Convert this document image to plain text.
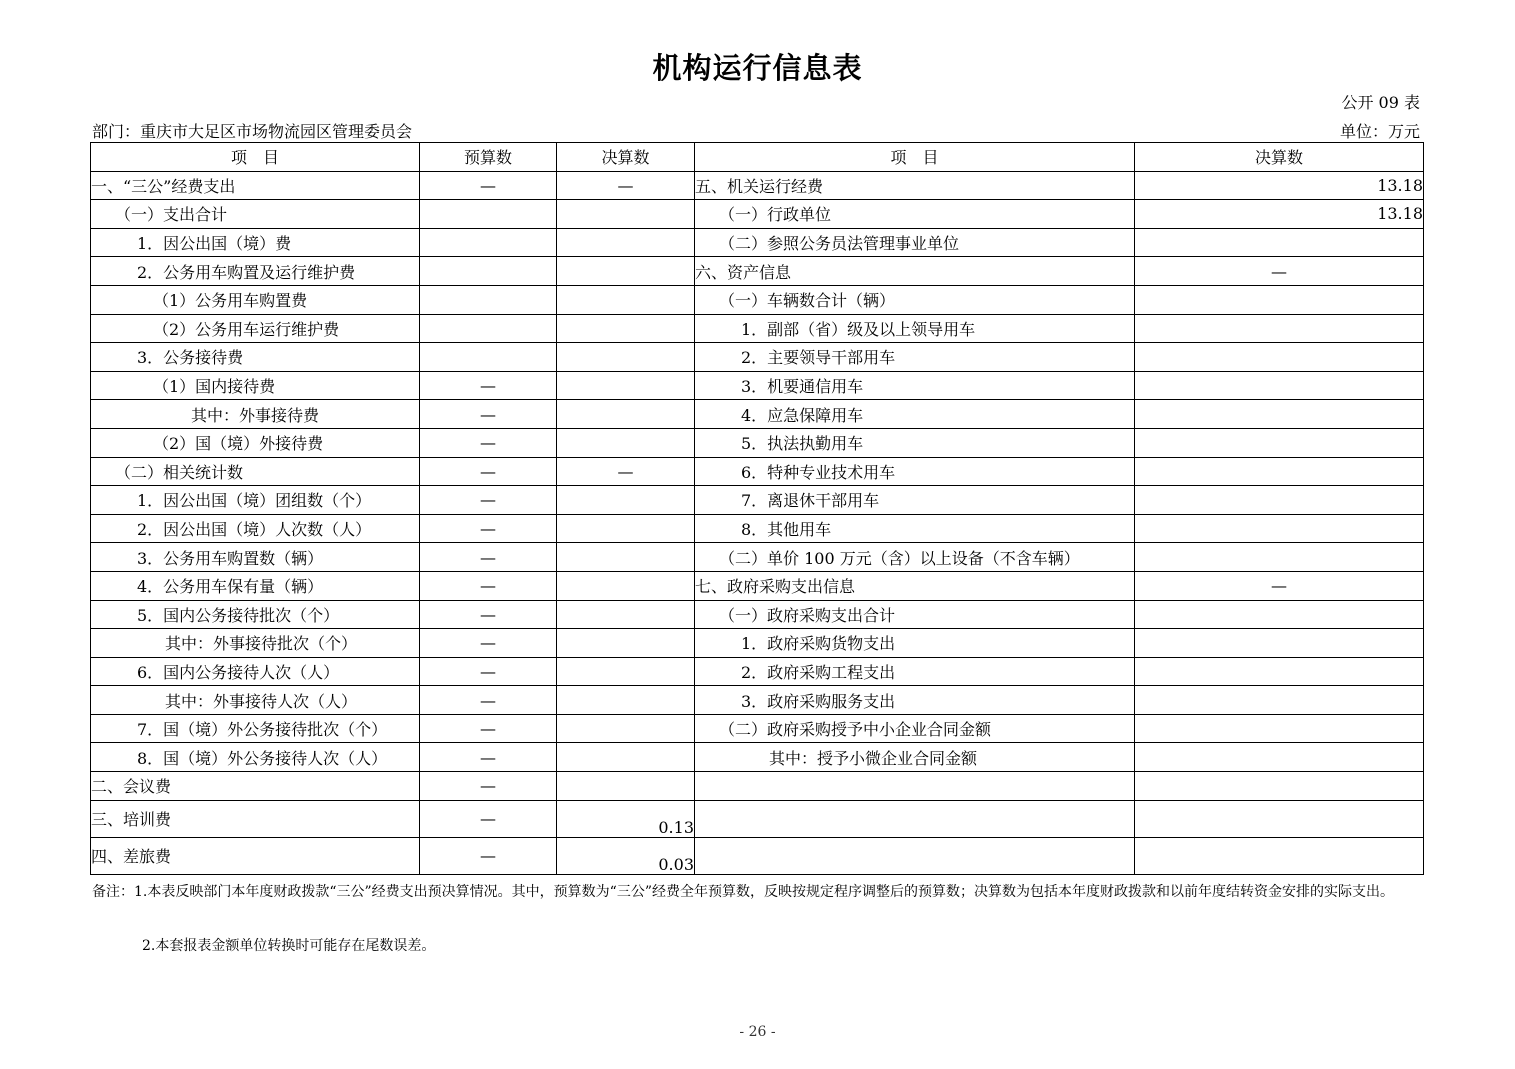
机构运行信息表
公开 09 表
部门：重庆市大足区市场物流园区管理委员会	单位：万元
项　目	预算数	决算数	项　目	决算数
一、“三公”经费支出	—	—	五、机关运行经费	13.18
（一）支出合计			（一）行政单位	13.18
1．因公出国（境）费			（二）参照公务员法管理事业单位	
2．公务用车购置及运行维护费			六、资产信息	—
（1）公务用车购置费			（一）车辆数合计（辆）	
（2）公务用车运行维护费			1．副部（省）级及以上领导用车	
3．公务接待费			2．主要领导干部用车	
（1）国内接待费	—		3．机要通信用车	
其中：外事接待费	—		4．应急保障用车	
（2）国（境）外接待费	—		5．执法执勤用车	
（二）相关统计数	—	—	6．特种专业技术用车	
1．因公出国（境）团组数（个）	—		7．离退休干部用车	
2．因公出国（境）人次数（人）	—		8．其他用车	
3．公务用车购置数（辆）	—		（二）单价 100 万元（含）以上设备（不含车辆）	
4．公务用车保有量（辆）	—		七、政府采购支出信息	—
5．国内公务接待批次（个）	—		（一）政府采购支出合计	
其中：外事接待批次（个）	—		1．政府采购货物支出	
6．国内公务接待人次（人）	—		2．政府采购工程支出	
其中：外事接待人次（人）	—		3．政府采购服务支出	
7．国（境）外公务接待批次（个）	—		（二）政府采购授予中小企业合同金额	
8．国（境）外公务接待人次（人）	—		其中：授予小微企业合同金额	
二、会议费	—			
三、培训费	—	0.13		
四、差旅费	—	0.03		
备注：1.本表反映部门本年度财政拨款“三公”经费支出预决算情况。其中，预算数为“三公”经费全年预算数，反映按规定程序调整后的预算数；决算数为包括本年度财政拨款和以前年度结转资金安排的实际支出。
2.本套报表金额单位转换时可能存在尾数误差。
- 26 -
